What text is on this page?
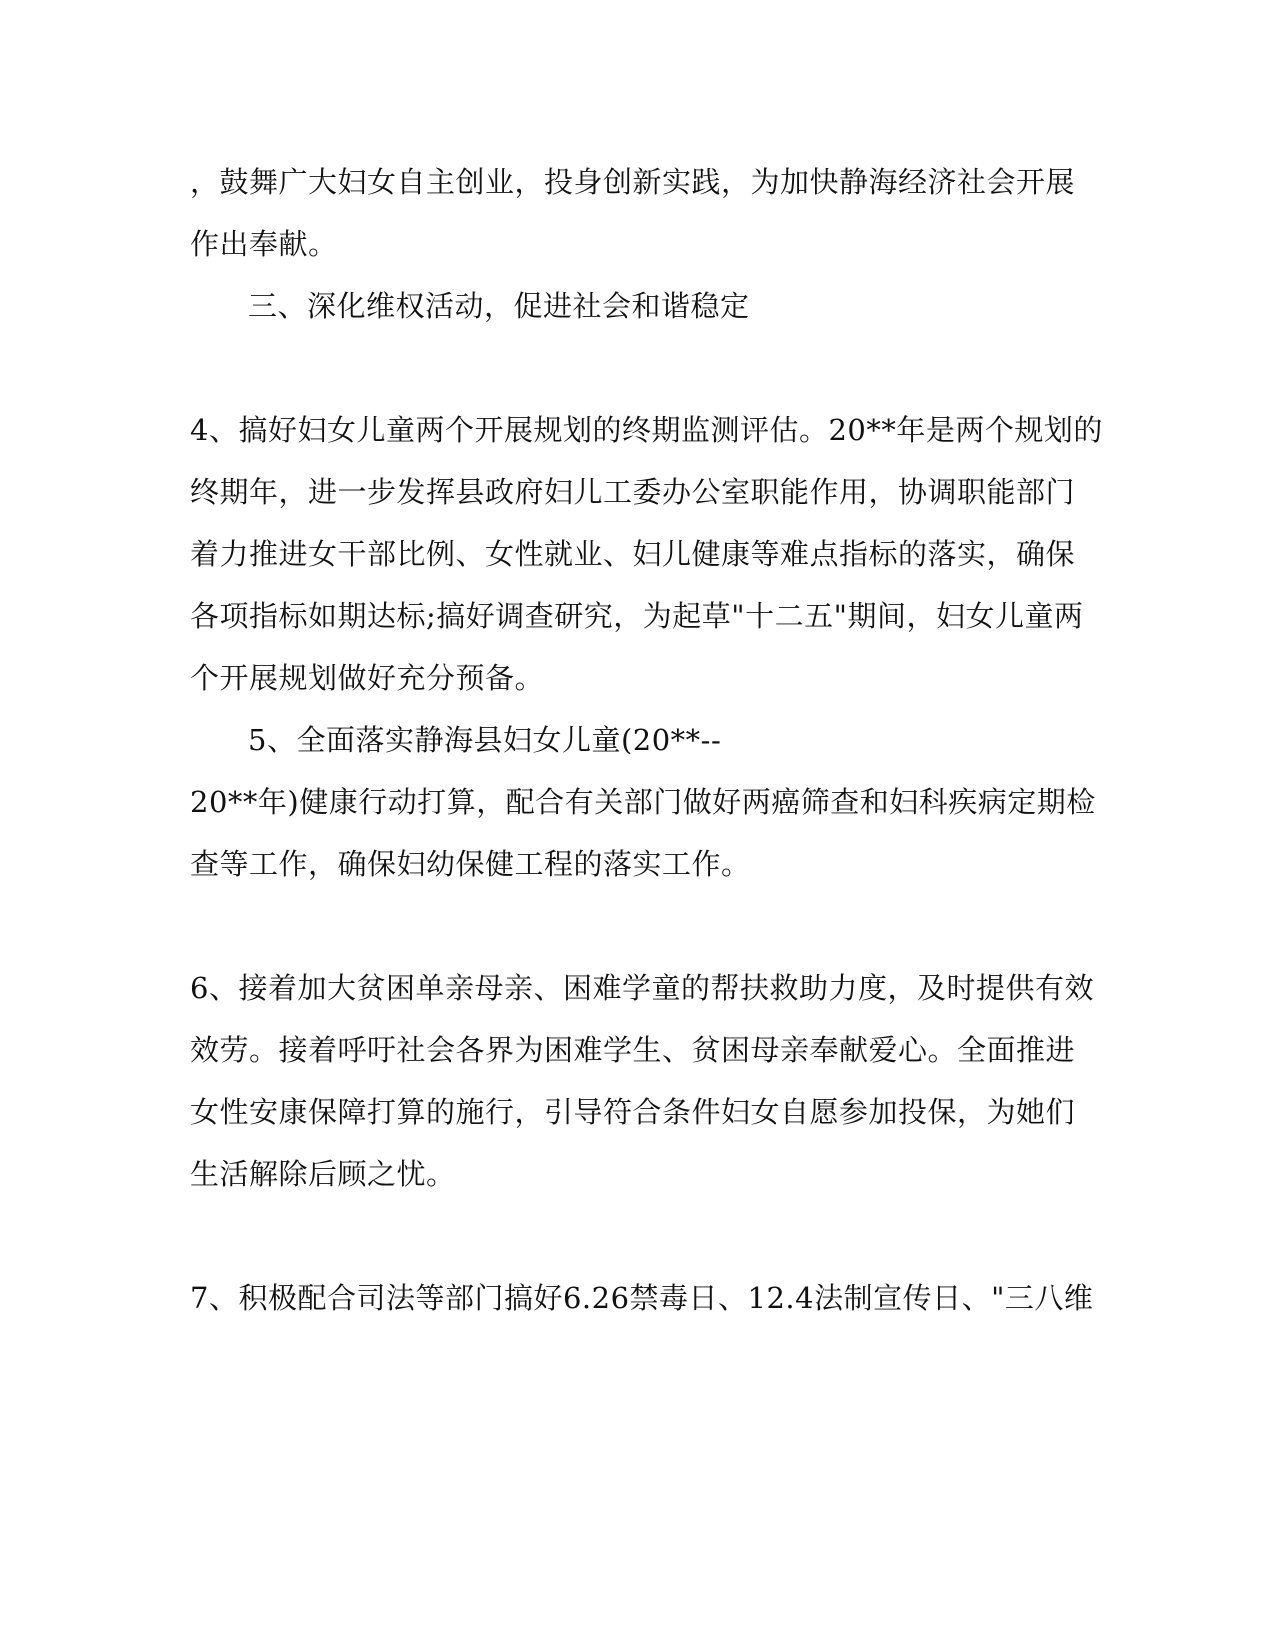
，鼓舞广大妇女自主创业，投身创新实践，为加快静海经济社会开展
作出奉献。
三、深化维权活动，促进社会和谐稳定
4、搞好妇女儿童两个开展规划的终期监测评估。20**年是两个规划的
终期年，进一步发挥县政府妇儿工委办公室职能作用，协调职能部门
着力推进女干部比例、女性就业、妇儿健康等难点指标的落实，确保
各项指标如期达标;搞好调查研究，为起草"十二五"期间，妇女儿童两
个开展规划做好充分预备。
5、全面落实静海县妇女儿童(20**--
20**年)健康行动打算，配合有关部门做好两癌筛查和妇科疾病定期检
查等工作，确保妇幼保健工程的落实工作。
6、接着加大贫困单亲母亲、困难学童的帮扶救助力度，及时提供有效
效劳。接着呼吁社会各界为困难学生、贫困母亲奉献爱心。全面推进
女性安康保障打算的施行，引导符合条件妇女自愿参加投保，为她们
生活解除后顾之忧。
7、积极配合司法等部门搞好6.26禁毒日、12.4法制宣传日、"三八维
